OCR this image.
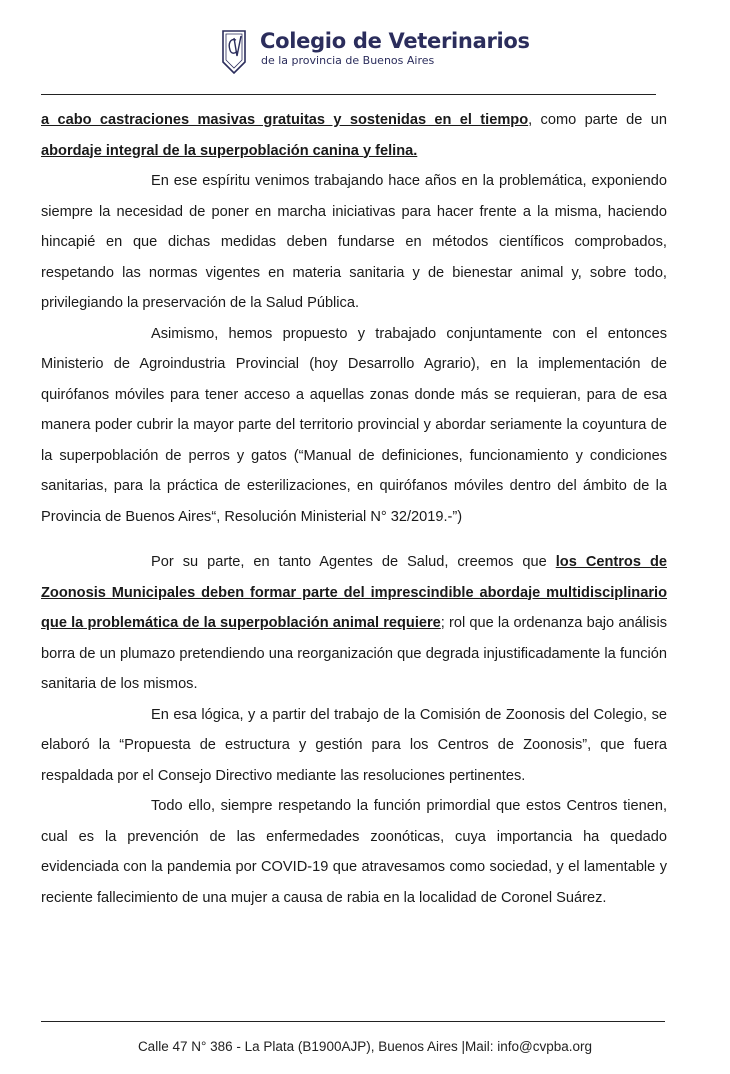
Colegio de Veterinarios
de la provincia de Buenos Aires

a cabo castraciones masivas gratuitas y sostenidas en el tiempo, como parte de un abordaje integral de la superpoblación canina y felina.

En ese espíritu venimos trabajando hace años en la problemática, exponiendo siempre la necesidad de poner en marcha iniciativas para hacer frente a la misma, haciendo hincapié en que dichas medidas deben fundarse en métodos científicos comprobados, respetando las normas vigentes en materia sanitaria y de bienestar animal y, sobre todo, privilegiando la preservación de la Salud Pública.

Asimismo, hemos propuesto y trabajado conjuntamente con el entonces Ministerio de Agroindustria Provincial (hoy Desarrollo Agrario), en la implementación de quirófanos móviles para tener acceso a aquellas zonas donde más se requieran, para de esa manera poder cubrir la mayor parte del territorio provincial y abordar seriamente la coyuntura de la superpoblación de perros y gatos (“Manual de definiciones, funcionamiento y condiciones sanitarias, para la práctica de esterilizaciones, en quirófanos móviles dentro del ámbito de la Provincia de Buenos Aires“, Resolución Ministerial N° 32/2019.-”)

Por su parte, en tanto Agentes de Salud, creemos que los Centros de Zoonosis Municipales deben formar parte del imprescindible abordaje multidisciplinario que la problemática de la superpoblación animal requiere; rol que la ordenanza bajo análisis borra de un plumazo pretendiendo una reorganización que degrada injustificadamente la función sanitaria de los mismos.

En esa lógica, y a partir del trabajo de la Comisión de Zoonosis del Colegio, se elaboró la “Propuesta de estructura y gestión para los Centros de Zoonosis”, que fuera respaldada por el Consejo Directivo mediante las resoluciones pertinentes.

Todo ello, siempre respetando la función primordial que estos Centros tienen, cual es la prevención de las enfermedades zoonóticas, cuya importancia ha quedado evidenciada con la pandemia por COVID-19 que atravesamos como sociedad, y el lamentable y reciente fallecimiento de una mujer a causa de rabia en la localidad de Coronel Suárez.

Calle 47 N° 386 - La Plata (B1900AJP), Buenos Aires |Mail: info@cvpba.org
